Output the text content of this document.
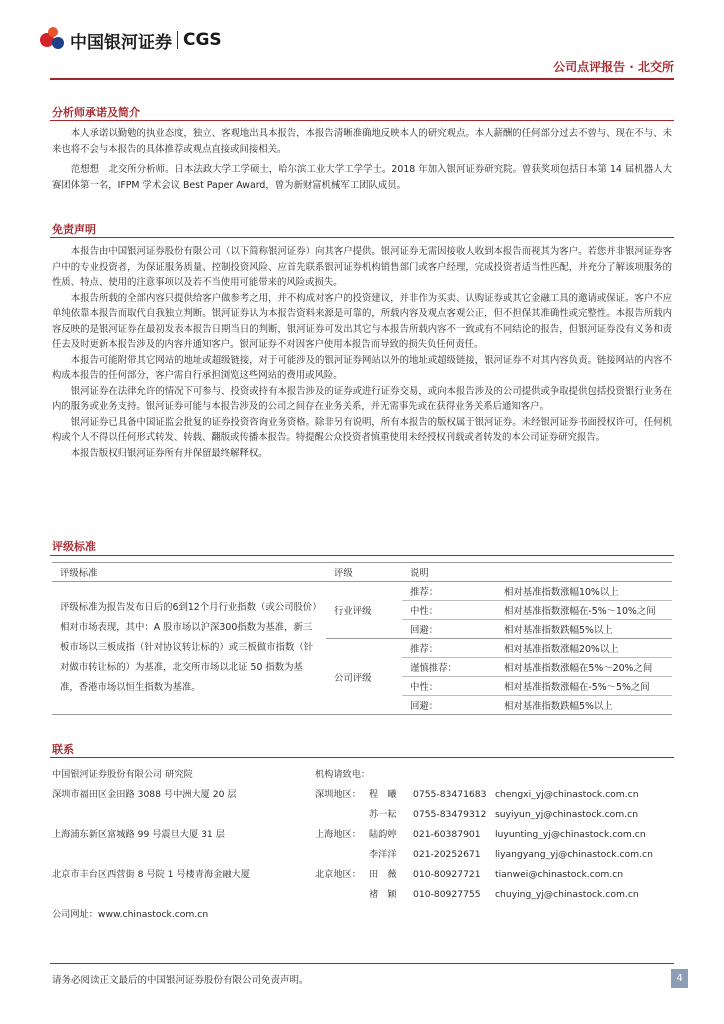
中国银河证券 CGS
公司点评报告 · 北交所
分析师承诺及简介

本人承诺以勤勉的执业态度，独立、客观地出具本报告，本报告清晰准确地反映本人的研究观点。本人薪酬的任何部分过去不曾与、现在不与、未来也将不会与本报告的具体推荐或观点直接或间接相关。

范想想　北交所分析师。日本法政大学工学硕士，哈尔滨工业大学工学学士。2018 年加入银河证券研究院。曾获奖项包括日本第 14 届机器人大赛团体第一名，IFPM 学术会议 Best Paper Award，曾为新财富机械军工团队成员。

免责声明

本报告由中国银河证券股份有限公司（以下简称银河证券）向其客户提供。银河证券无需因接收人收到本报告而视其为客户。若您并非银河证券客户中的专业投资者，为保证服务质量、控制投资风险、应首先联系银河证券机构销售部门或客户经理，完成投资者适当性匹配，并充分了解该项服务的性质、特点、使用的注意事项以及若不当使用可能带来的风险或损失。

本报告所载的全部内容只提供给客户做参考之用，并不构成对客户的投资建议，并非作为买卖、认购证券或其它金融工具的邀请或保证。客户不应单纯依靠本报告而取代自我独立判断。银河证券认为本报告资料来源是可靠的，所载内容及观点客观公正，但不担保其准确性或完整性。本报告所载内容反映的是银河证券在最初发表本报告日期当日的判断，银河证券可发出其它与本报告所载内容不一致或有不同结论的报告，但银河证券没有义务和责任去及时更新本报告涉及的内容并通知客户。银河证券不对因客户使用本报告而导致的损失负任何责任。

本报告可能附带其它网站的地址或超级链接，对于可能涉及的银河证券网站以外的地址或超级链接，银河证券不对其内容负责。链接网站的内容不构成本报告的任何部分，客户需自行承担浏览这些网站的费用或风险。

银河证券在法律允许的情况下可参与、投资或持有本报告涉及的证券或进行证券交易，或向本报告涉及的公司提供或争取提供包括投资银行业务在内的服务或业务支持。银河证券可能与本报告涉及的公司之间存在业务关系，并无需事先或在获得业务关系后通知客户。

银河证券已具备中国证监会批复的证券投资咨询业务资格。除非另有说明，所有本报告的版权属于银河证券。未经银河证券书面授权许可，任何机构或个人不得以任何形式转发、转载、翻版或传播本报告。特提醒公众投资者慎重使用未经授权刊载或者转发的本公司证券研究报告。

本报告版权归银河证券所有并保留最终解释权。

评级标准
评级标准	评级	说明	
评级标准为报告发布日后的6到12个月行业指数（或公司股价）相对市场表现，其中：A 股市场以沪深300指数为基准，新三板市场以三板成指（针对协议转让标的）或三板做市指数（针对做市转让标的）为基准，北交所市场以北证 50 指数为基准，香港市场以恒生指数为基准。	行业评级	推荐：	相对基准指数涨幅10%以上
		中性：	相对基准指数涨幅在-5%～10%之间
		回避：	相对基准指数跌幅5%以上
	公司评级	推荐：	相对基准指数涨幅20%以上
		谨慎推荐：	相对基准指数涨幅在5%～20%之间
		中性：	相对基准指数涨幅在-5%～5%之间
		回避：	相对基准指数跌幅5%以上
联系
中国银河证券股份有限公司 研究院	机构请致电：
深圳市福田区金田路 3088 号中洲大厦 20 层	深圳地区： 程　曦	0755-83471683 chengxi_yj@chinastock.com.cn
苏一耘	0755-83479312 suyiyun_yj@chinastock.com.cn
上海浦东新区富城路 99 号震旦大厦 31 层	上海地区： 陆韵婷	021-60387901	luyunting_yj@chinastock.com.cn
李洋洋	021-20252671	liyangyang_yj@chinastock.com.cn
北京市丰台区西营街 8 号院 1 号楼青海金融大厦	北京地区： 田　薇	010-80927721	tianwei@chinastock.com.cn
褚　颖	010-80927755	chuying_yj@chinastock.com.cn
公司网址：www.chinastock.com.cn
请务必阅读正文最后的中国银河证券股份有限公司免责声明。	4
